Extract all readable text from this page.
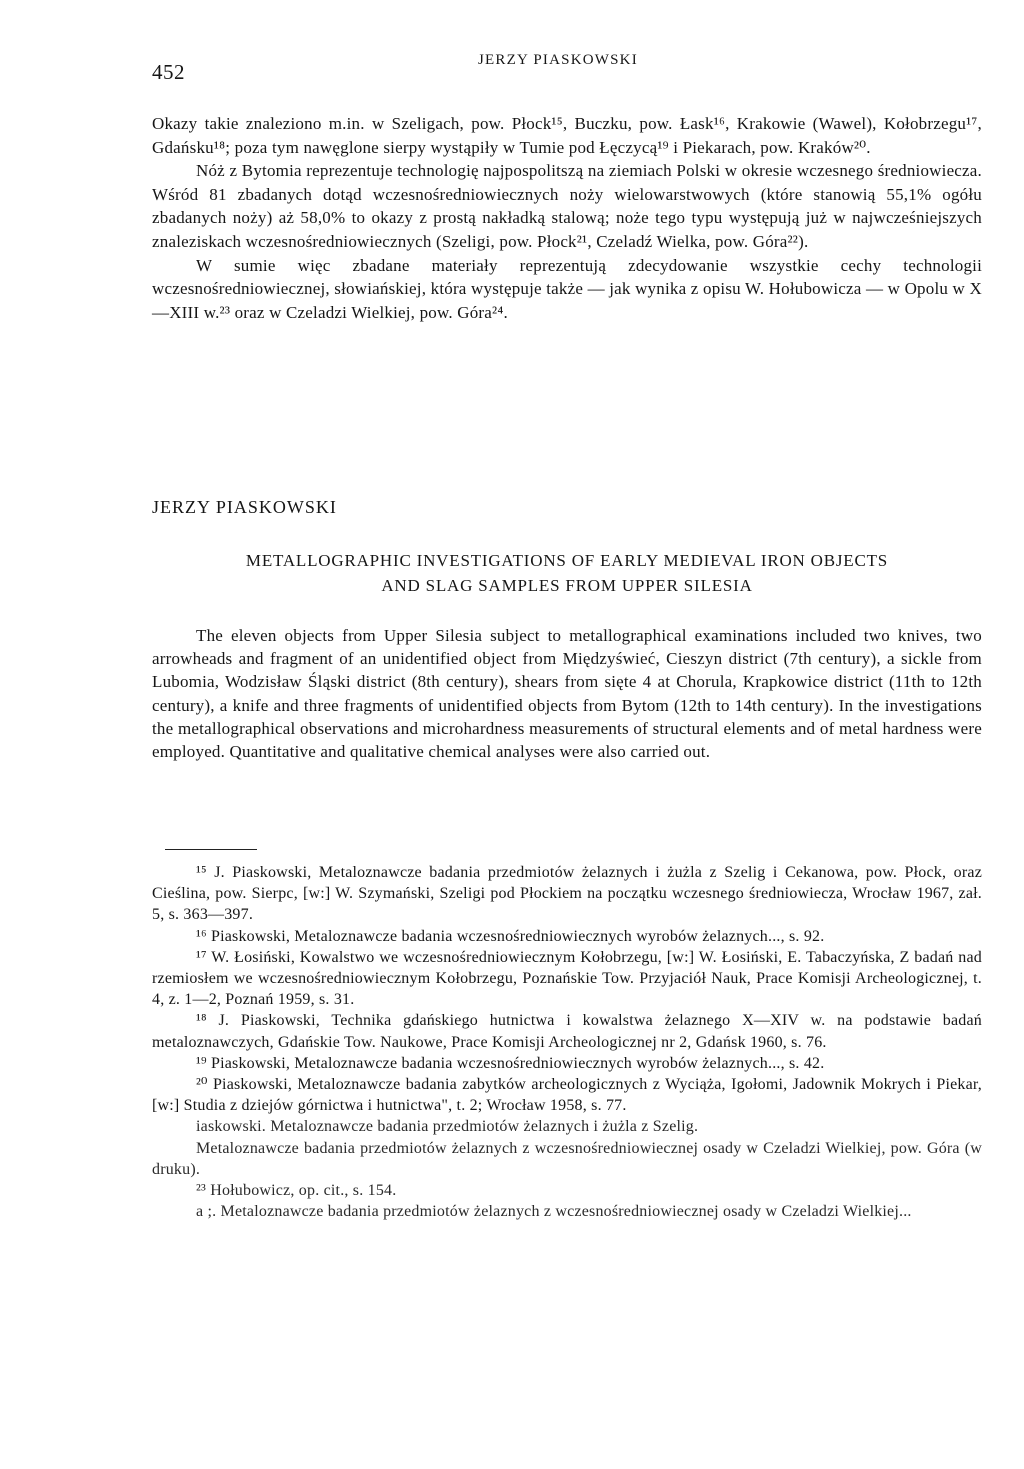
452	JERZY PIASKOWSKI

Okazy takie znaleziono m.in. w Szeligach, pow. Płock¹⁵, Buczku, pow. Łask¹⁶, Krakowie (Wawel), Kołobrzegu¹⁷, Gdańsku¹⁸; poza tym nawęglone sierpy wystąpiły w Tumie pod Łęczycą¹⁹ i Piekarach, pow. Kraków²⁰.

Nóż z Bytomia reprezentuje technologię najpospolitszą na ziemiach Polski w okresie wczesnego średniowiecza. Wśród 81 zbadanych dotąd wczesnośredniowiecznych noży wielowarstwowych (które stanowią 55,1% ogółu zbadanych noży) aż 58,0% to okazy z prostą nakładką stalową; noże tego typu występują już w najwcześniejszych znaleziskach wczesnośredniowiecznych (Szeligi, pow. Płock²¹, Czeladź Wielka, pow. Góra²²).

W sumie więc zbadane materiały reprezentują zdecydowanie wszystkie cechy technologii wczesnośredniowiecznej, słowiańskiej, która występuje także — jak wynika z opisu W. Hołubowicza — w Opolu w X—XIII w.²³ oraz w Czeladzi Wielkiej, pow. Góra²⁴.

JERZY PIASKOWSKI
METALLOGRAPHIC INVESTIGATIONS OF EARLY MEDIEVAL IRON OBJECTS
AND SLAG SAMPLES FROM UPPER SILESIA

The eleven objects from Upper Silesia subject to metallographical examinations included two knives, two arrowheads and fragment of an unidentified object from Międzyświeć, Cieszyn district (7th century), a sickle from Lubomia, Wodzisław Śląski district (8th century), shears from sięte 4 at Chorula, Krapkowice district (11th to 12th century), a knife and three fragments of unidentified objects from Bytom (12th to 14th century). In the investigations the metallographical observations and microhardness measurements of structural elements and of metal hardness were employed. Quantitative and qualitative chemical analyses were also carried out.

¹⁵ J. Piaskowski, Metaloznawcze badania przedmiotów żelaznych i żużla z Szelig i Cekanowa, pow. Płock, oraz Cieślina, pow. Sierpc, [w:] W. Szymański, Szeligi pod Płockiem na początku wczesnego średniowiecza, Wrocław 1967, zał. 5, s. 363—397.

¹⁶ Piaskowski, Metaloznawcze badania wczesnośredniowiecznych wyrobów żelaznych..., s. 92.

¹⁷ W. Łosiński, Kowalstwo we wczesnośredniowiecznym Kołobrzegu, [w:] W. Łosiński, E. Tabaczyńska, Z badań nad rzemiosłem we wczesnośredniowiecznym Kołobrzegu, Poznańskie Tow. Przyjaciół Nauk, Prace Komisji Archeologicznej, t. 4, z. 1—2, Poznań 1959, s. 31.

¹⁸ J. Piaskowski, Technika gdańskiego hutnictwa i kowalstwa żelaznego X—XIV w. na podstawie badań metaloznawczych, Gdańskie Tow. Naukowe, Prace Komisji Archeologicznej nr 2, Gdańsk 1960, s. 76.

¹⁹ Piaskowski, Metaloznawcze badania wczesnośredniowiecznych wyrobów żelaznych..., s. 42.

²⁰ Piaskowski, Metaloznawcze badania zabytków archeologicznych z Wyciąża, Igołomi, Jadownik Mokrych i Piekar, [w:] Studia z dziejów górnictwa i hutnictwa", t. 2; Wrocław 1958, s. 77.

iaskowski. Metaloznawcze badania przedmiotów żelaznych i żużla z Szelig.

Metaloznawcze badania przedmiotów żelaznych z wczesnośredniowiecznej osady w Czeladzi Wielkiej, pow. Góra (w druku).

²³ Hołubowicz, op. cit., s. 154.

a ;. Metaloznawcze badania przedmiotów żelaznych z wczesnośredniowiecznej osady w Czeladzi Wielkiej...
